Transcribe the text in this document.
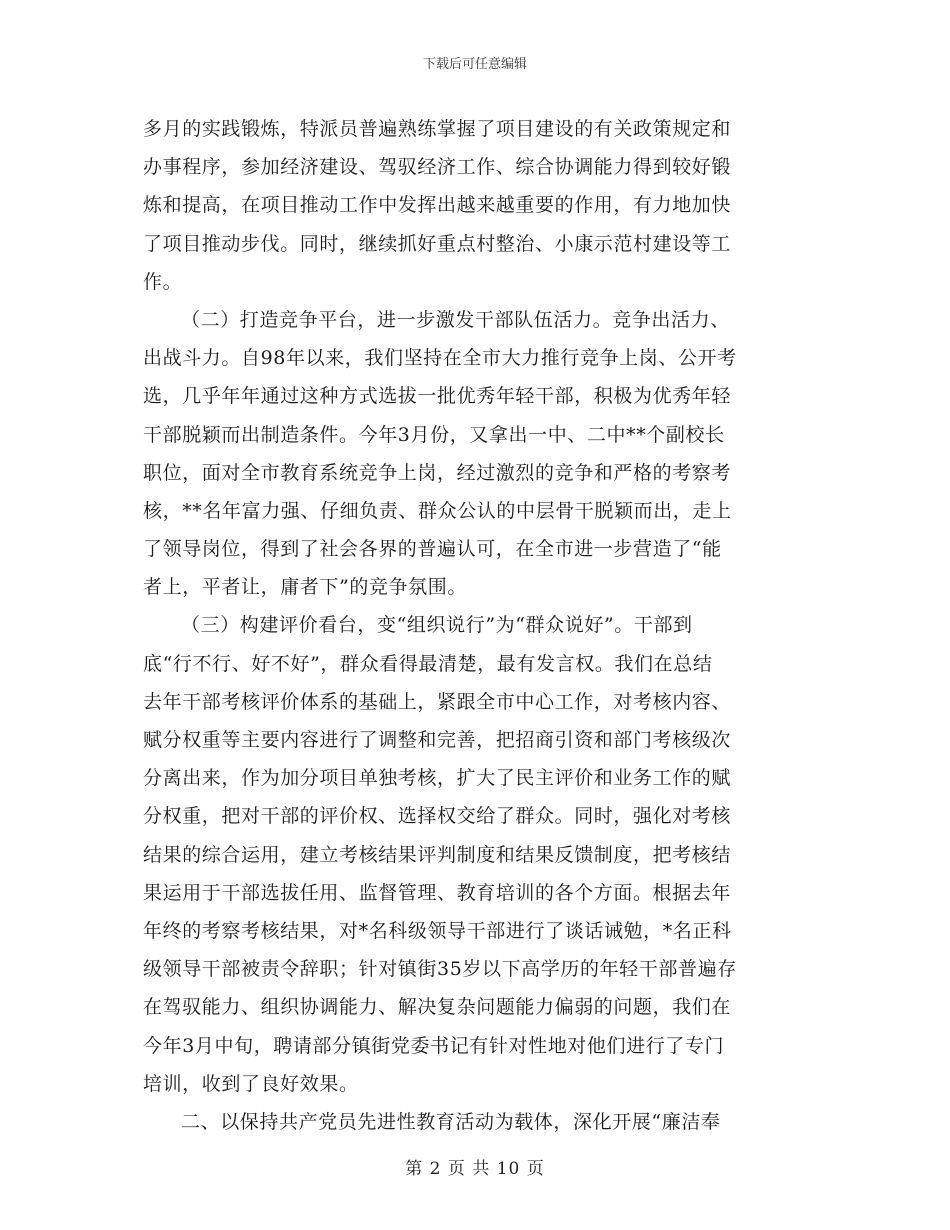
下载后可任意编辑
多月的实践锻炼，特派员普遍熟练掌握了项目建设的有关政策规定和
办事程序，参加经济建设、驾驭经济工作、综合协调能力得到较好锻
炼和提高，在项目推动工作中发挥出越来越重要的作用，有力地加快
了项目推动步伐。同时，继续抓好重点村整治、小康示范村建设等工
作。
（二）打造竞争平台，进一步激发干部队伍活力。竞争出活力、
出战斗力。自98年以来，我们坚持在全市大力推行竞争上岗、公开考
选，几乎年年通过这种方式选拔一批优秀年轻干部，积极为优秀年轻
干部脱颖而出制造条件。今年3月份，又拿出一中、二中**个副校长
职位，面对全市教育系统竞争上岗，经过激烈的竞争和严格的考察考
核，**名年富力强、仔细负责、群众公认的中层骨干脱颖而出，走上
了领导岗位，得到了社会各界的普遍认可，在全市进一步营造了“能
者上，平者让，庸者下”的竞争氛围。
（三）构建评价看台，变“组织说行”为“群众说好”。干部到
底“行不行、好不好”，群众看得最清楚，最有发言权。我们在总结
去年干部考核评价体系的基础上，紧跟全市中心工作，对考核内容、
赋分权重等主要内容进行了调整和完善，把招商引资和部门考核级次
分离出来，作为加分项目单独考核，扩大了民主评价和业务工作的赋
分权重，把对干部的评价权、选择权交给了群众。同时，强化对考核
结果的综合运用，建立考核结果评判制度和结果反馈制度，把考核结
果运用于干部选拔任用、监督管理、教育培训的各个方面。根据去年
年终的考察考核结果，对*名科级领导干部进行了谈话诫勉，*名正科
级领导干部被责令辞职；针对镇街35岁以下高学历的年轻干部普遍存
在驾驭能力、组织协调能力、解决复杂问题能力偏弱的问题，我们在
今年3月中旬，聘请部分镇街党委书记有针对性地对他们进行了专门
培训，收到了良好效果。
二、以保持共产党员先进性教育活动为载体，深化开展“廉洁奉
第 2 页 共 10 页
